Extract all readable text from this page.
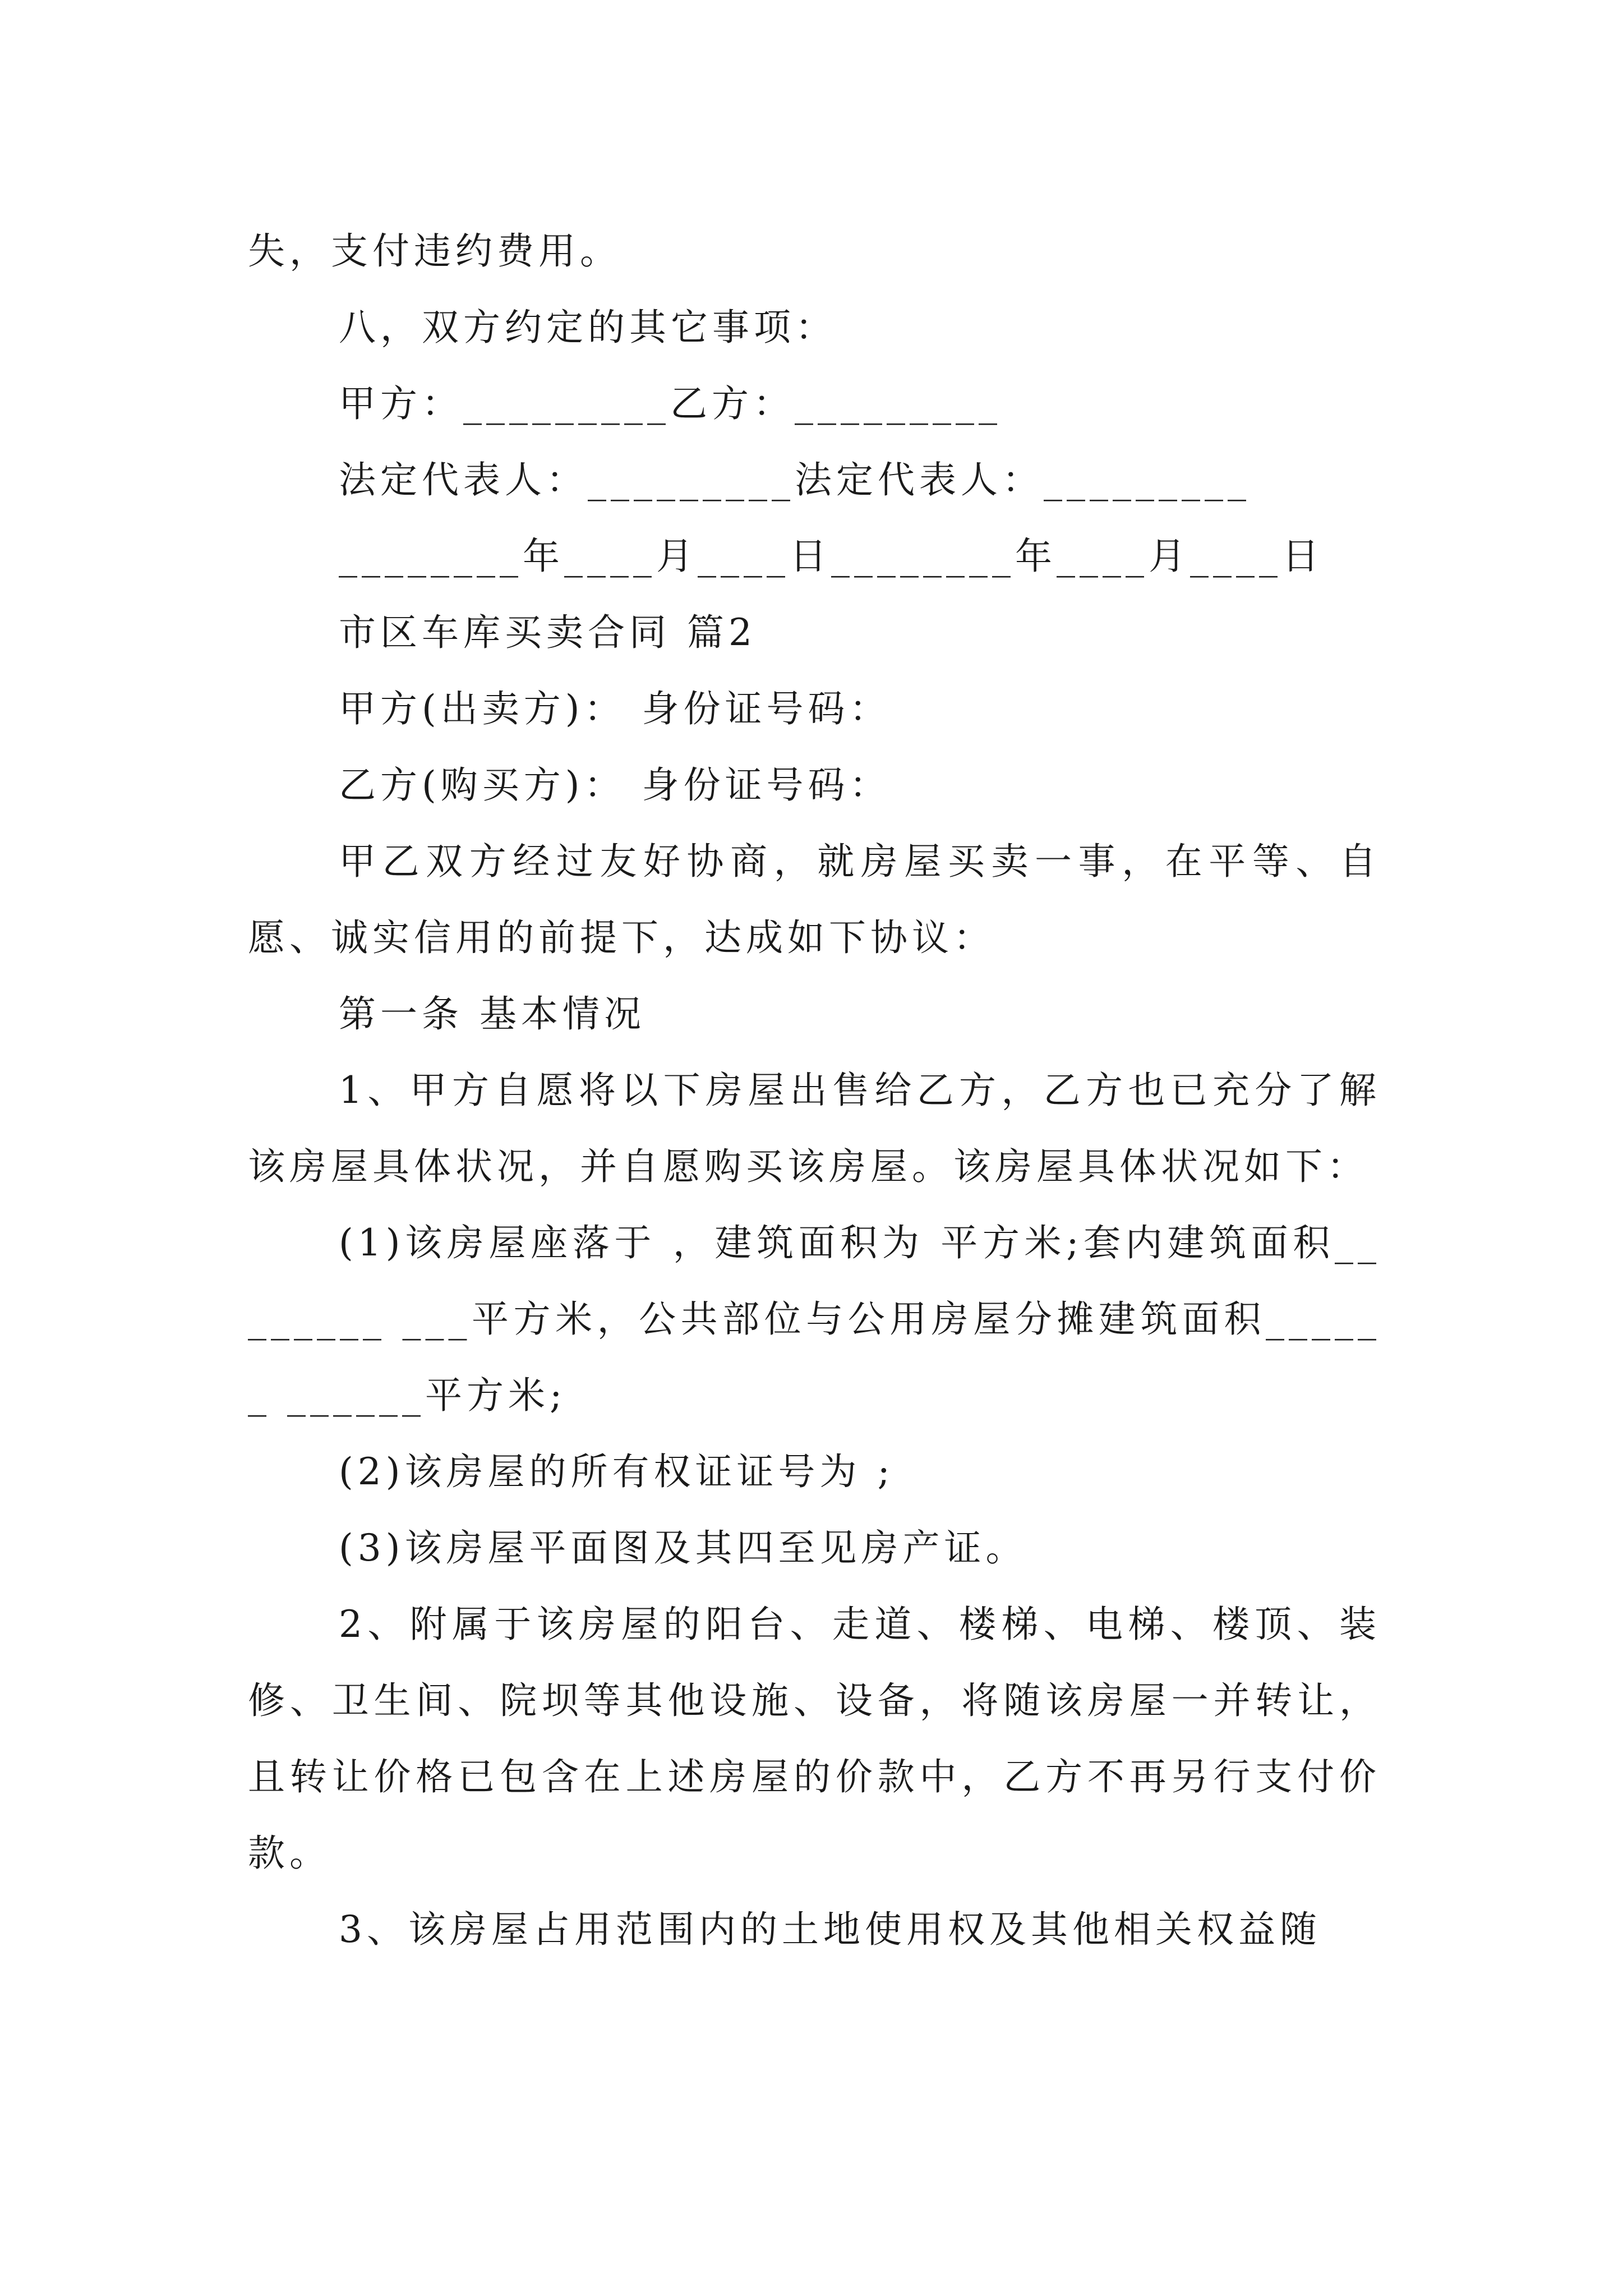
失，支付违约费用。

八，双方约定的其它事项：

甲方：_________乙方：_________

法定代表人：_________法定代表人：_________

________年____月____日________年____月____日

市区车库买卖合同 篇2

甲方(出卖方)： 身份证号码：

乙方(购买方)： 身份证号码：

甲乙双方经过友好协商，就房屋买卖一事，在平等、自愿、诚实信用的前提下，达成如下协议：

第一条 基本情况

1、甲方自愿将以下房屋出售给乙方，乙方也已充分了解该房屋具体状况，并自愿购买该房屋。该房屋具体状况如下：

(1)该房屋座落于 ，建筑面积为 平方米;套内建筑面积________ ___平方米，公共部位与公用房屋分摊建筑面积______ ______平方米;

(2)该房屋的所有权证证号为 ;

(3)该房屋平面图及其四至见房产证。

2、附属于该房屋的阳台、走道、楼梯、电梯、楼顶、装修、卫生间、院坝等其他设施、设备，将随该房屋一并转让，且转让价格已包含在上述房屋的价款中，乙方不再另行支付价款。

3、该房屋占用范围内的土地使用权及其他相关权益随
